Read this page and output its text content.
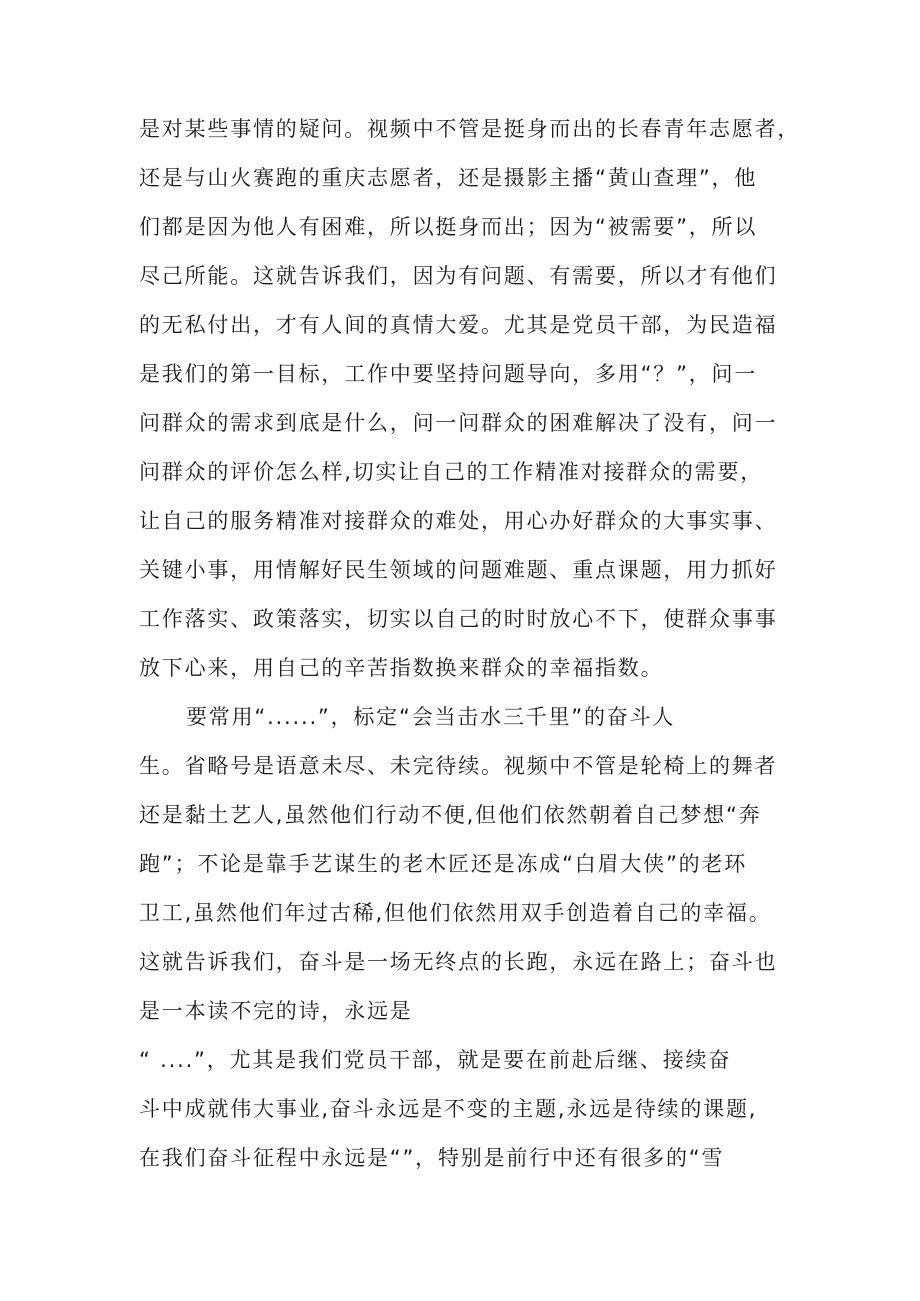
是对某些事情的疑问。视频中不管是挺身而出的长春青年志愿者，
还是与山火赛跑的重庆志愿者，还是摄影主播“黄山查理”，他
们都是因为他人有困难，所以挺身而出；因为“被需要”，所以
尽己所能。这就告诉我们，因为有问题、有需要，所以才有他们
的无私付出，才有人间的真情大爱。尤其是党员干部，为民造福
是我们的第一目标，工作中要坚持问题导向，多用“？”，问一
问群众的需求到底是什么，问一问群众的困难解决了没有，问一
问群众的评价怎么样,切实让自己的工作精准对接群众的需要，
让自己的服务精准对接群众的难处，用心办好群众的大事实事、
关键小事，用情解好民生领域的问题难题、重点课题，用力抓好
工作落实、政策落实，切实以自己的时时放心不下，使群众事事
放下心来，用自己的辛苦指数换来群众的幸福指数。
要常用“......”，标定“会当击水三千里”的奋斗人
生。省略号是语意未尽、未完待续。视频中不管是轮椅上的舞者
还是黏土艺人,虽然他们行动不便,但他们依然朝着自己梦想“奔
跑”；不论是靠手艺谋生的老木匠还是冻成“白眉大侠”的老环
卫工,虽然他们年过古稀,但他们依然用双手创造着自己的幸福。
这就告诉我们，奋斗是一场无终点的长跑，永远在路上；奋斗也
是一本读不完的诗，永远是
“ ....”，尤其是我们党员干部，就是要在前赴后继、接续奋
斗中成就伟大事业,奋斗永远是不变的主题,永远是待续的课题,
在我们奋斗征程中永远是“”，特别是前行中还有很多的“雪
